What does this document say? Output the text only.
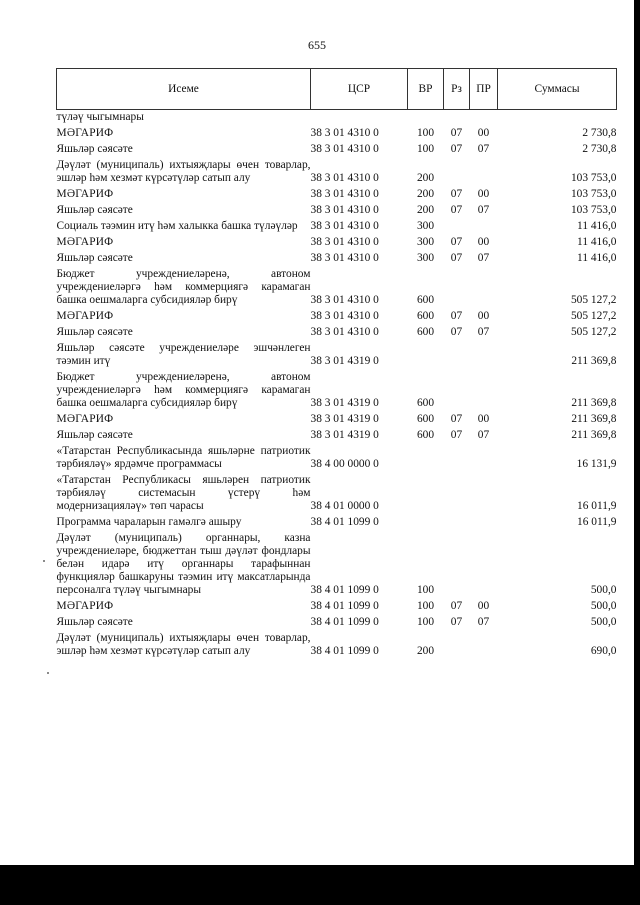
655
Исеме	ЦСР	ВР	Рз	ПР	Суммасы
түләү чыгымнары					
МӘГАРИФ	38 3 01 4310 0	100	07	00	2 730,8
Яшьләр сәясәте	38 3 01 4310 0	100	07	07	2 730,8
Дәүләт (муниципаль) ихтыяҗлары өчен товарлар, эшләр һәм хезмәт күрсәтүләр сатып алу	38 3 01 4310 0	200			103 753,0
МӘГАРИФ	38 3 01 4310 0	200	07	00	103 753,0
Яшьләр сәясәте	38 3 01 4310 0	200	07	07	103 753,0
Социаль тәэмин итү һәм халыкка башка түләүләр	38 3 01 4310 0	300			11 416,0
МӘГАРИФ	38 3 01 4310 0	300	07	00	11 416,0
Яшьләр сәясәте	38 3 01 4310 0	300	07	07	11 416,0
Бюджет учреждениеләренә, автоном учреждениеләргә һәм коммерциягә карамаган башка оешмаларга субсидияләр бирү	38 3 01 4310 0	600			505 127,2
МӘГАРИФ	38 3 01 4310 0	600	07	00	505 127,2
Яшьләр сәясәте	38 3 01 4310 0	600	07	07	505 127,2
Яшьләр сәясәте учреждениеләре эшчәнлеген тәэмин итү	38 3 01 4319 0				211 369,8
Бюджет учреждениеләренә, автоном учреждениеләргә һәм коммерциягә карамаган башка оешмаларга субсидияләр бирү	38 3 01 4319 0	600			211 369,8
МӘГАРИФ	38 3 01 4319 0	600	07	00	211 369,8
Яшьләр сәясәте	38 3 01 4319 0	600	07	07	211 369,8
«Татарстан Республикасында яшьләрне патриотик тәрбияләү» ярдәмче программасы	38 4 00 0000 0				16 131,9
«Татарстан Республикасы яшьләрен патриотик тәрбияләү системасын үстерү һәм модернизацияләү» төп чарасы	38 4 01 0000 0				16 011,9
Программа чараларын гамәлгә ашыру	38 4 01 1099 0				16 011,9
Дәүләт (муниципаль) органнары, казна учреждениеләре, бюджеттан тыш дәүләт фондлары белән идарә итү органнары тарафыннан функцияләр башкаруны тәэмин итү максатларында персоналга түләү чыгымнары	38 4 01 1099 0	100			500,0
МӘГАРИФ	38 4 01 1099 0	100	07	00	500,0
Яшьләр сәясәте	38 4 01 1099 0	100	07	07	500,0
Дәүләт (муниципаль) ихтыяҗлары өчен товарлар, эшләр һәм хезмәт күрсәтүләр сатып алу	38 4 01 1099 0	200			690,0
